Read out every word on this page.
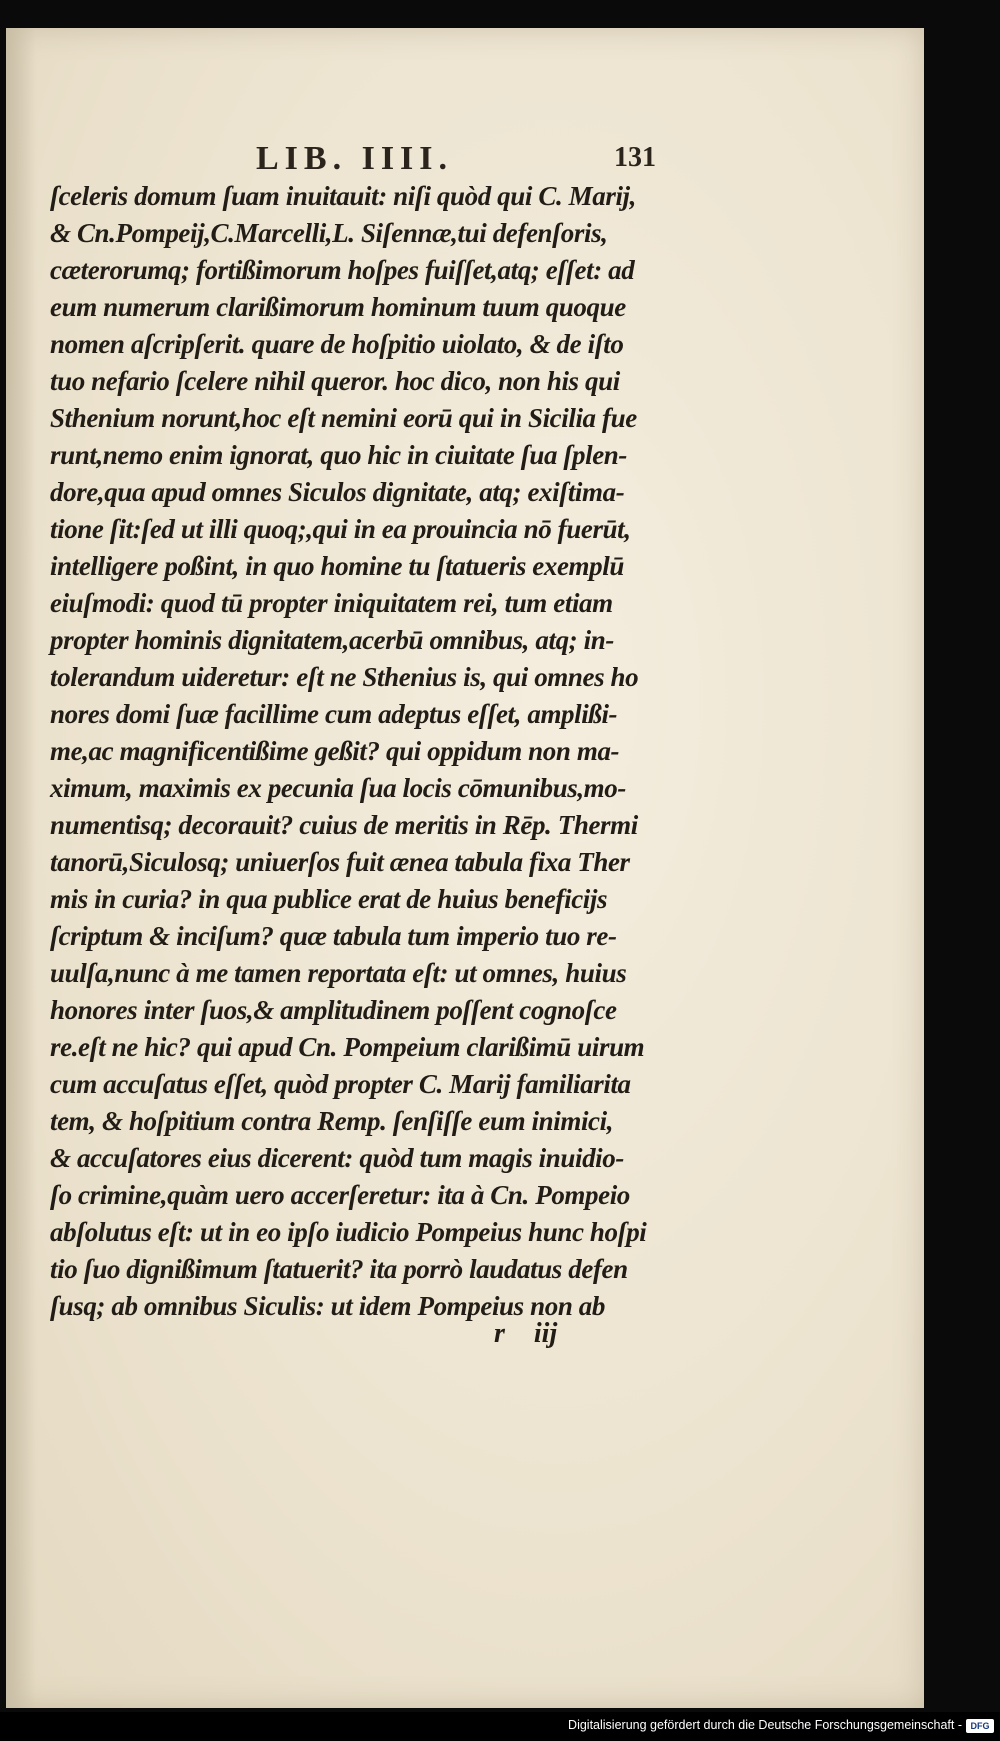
LIB. IIII.	131
ſceleris domum ſuam inuitauit: niſi quòd qui C. Marij,
& Cn.Pompeij,C.Marcelli,L. Siſennæ,tui defenſoris,
cæterorumq; fortißimorum hoſpes fuiſſet,atq; eſſet: ad
eum numerum clarißimorum hominum tuum quoque
nomen aſcripſerit. quare de hoſpitio uiolato, & de iſto
tuo nefario ſcelere nihil queror. hoc dico, non his qui
Sthenium norunt,hoc eſt nemini eorū qui in Sicilia fue
runt,nemo enim ignorat, quo hic in ciuitate ſua ſplen-
dore,qua apud omnes Siculos dignitate, atq; exiſtima-
tione ſit:ſed ut illi quoq;,qui in ea prouincia nō fuerūt,
intelligere poßint, in quo homine tu ſtatueris exemplū
eiuſmodi: quod tū propter iniquitatem rei, tum etiam
propter hominis dignitatem,acerbū omnibus, atq; in-
tolerandum uideretur: eſt ne Sthenius is, qui omnes ho
nores domi ſuæ facillime cum adeptus eſſet, amplißi-
me,ac magnificentißime geßit? qui oppidum non ma-
ximum, maximis ex pecunia ſua locis cōmunibus,mo-
numentisq; decorauit? cuius de meritis in Rēp. Thermi
tanorū,Siculosq; uniuerſos fuit ænea tabula fixa Ther
mis in curia? in qua publice erat de huius beneficijs
ſcriptum & inciſum? quæ tabula tum imperio tuo re-
uulſa,nunc à me tamen reportata eſt: ut omnes, huius
honores inter ſuos,& amplitudinem poſſent cognoſce
re.eſt ne hic? qui apud Cn. Pompeium clarißimū uirum
cum accuſatus eſſet, quòd propter C. Marij familiarita
tem, & hoſpitium contra Remp. ſenſiſſe eum inimici,
& accuſatores eius dicerent: quòd tum magis inuidio-
ſo crimine,quàm uero accerſeretur: ita à Cn. Pompeio
abſolutus eſt: ut in eo ipſo iudicio Pompeius hunc hoſpi
tio ſuo dignißimum ſtatuerit? ita porrò laudatus defen
ſusq; ab omnibus Siculis: ut idem Pompeius non ab
r iij
Digitalisierung gefördert durch die Deutsche Forschungsgemeinschaft - DFG
